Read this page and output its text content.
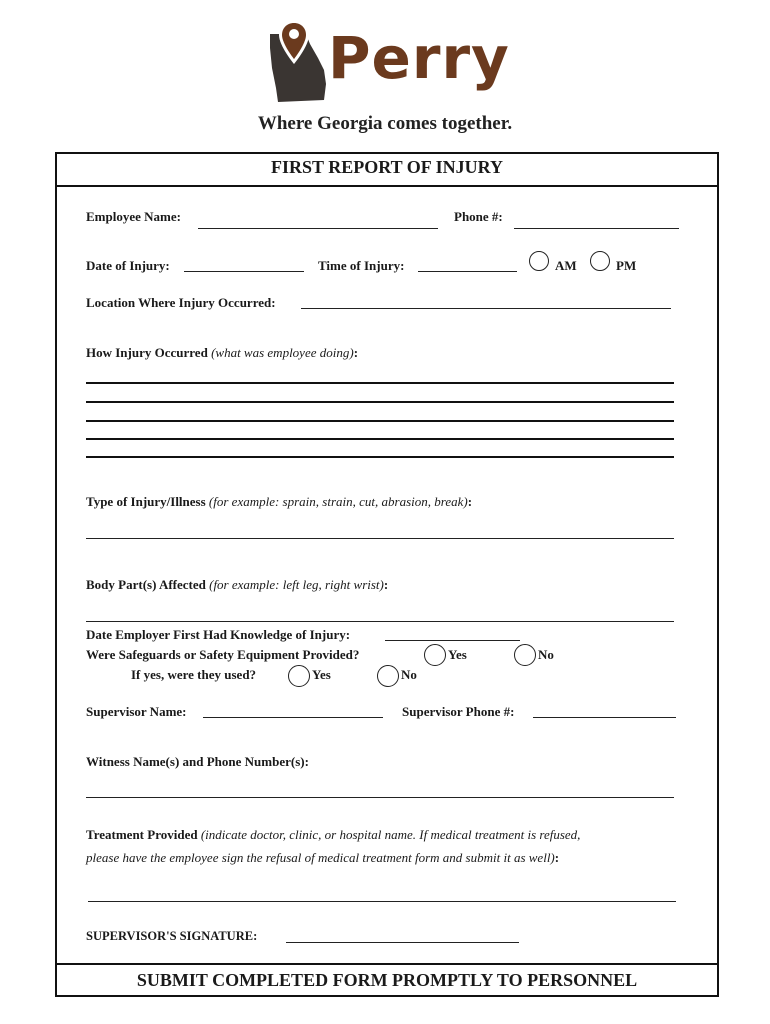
Perry
Where Georgia comes together.
FIRST REPORT OF INJURY
Employee Name:	Phone #:
Date of Injury:	Time of Injury:	AM	PM
Location Where Injury Occurred:
How Injury Occurred (what was employee doing):
Type of Injury/Illness (for example: sprain, strain, cut, abrasion, break):
Body Part(s) Affected (for example: left leg, right wrist):
Date Employer First Had Knowledge of Injury:
Were Safeguards or Safety Equipment Provided?	Yes	No
If yes, were they used?	Yes	No
Supervisor Name:	Supervisor Phone #:
Witness Name(s) and Phone Number(s):
Treatment Provided (indicate doctor, clinic, or hospital name. If medical treatment is refused,
please have the employee sign the refusal of medical treatment form and submit it as well):
SUPERVISOR'S SIGNATURE:
SUBMIT COMPLETED FORM PROMPTLY TO PERSONNEL
